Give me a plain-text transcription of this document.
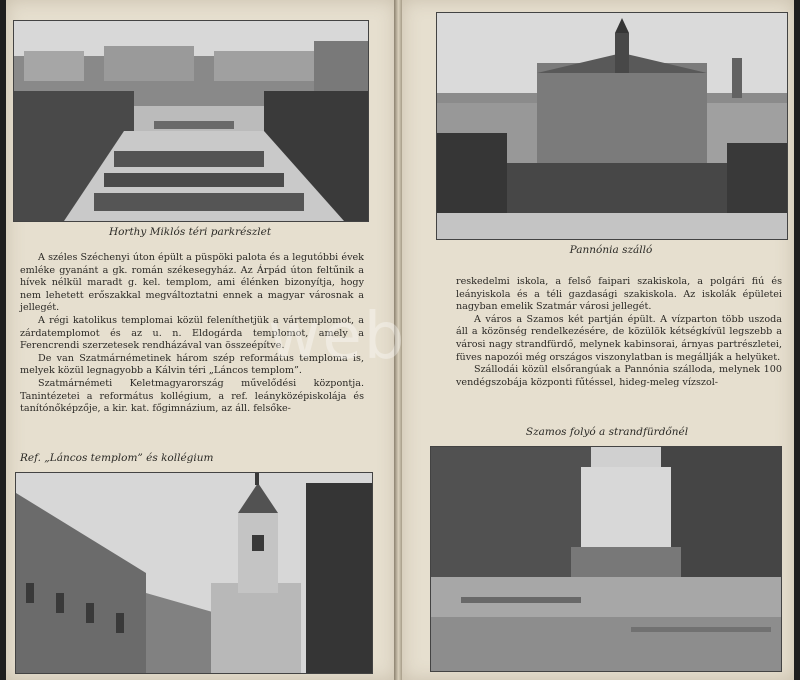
Horthy Miklós téri parkrészlet

A széles Széchenyi úton épült a püspöki palota és a legutóbbi évek emléke gyanánt a gk. román székesegyház. Az Árpád úton feltűnik a hívek nélkül maradt g. kel. templom, ami élénken bizonyítja, hogy nem lehetett erőszakkal megváltoztatni ennek a magyar városnak a jellegét.

A régi katolikus templomai közül feleníthetjük a vártemplomot, a zárdatemplomot és az u. n. Eldogárda templomot, amely a Ferencrendi szerzetesek rendházával van összeépítve.

De van Szatmárnémetinek három szép református temploma is, melyek közül legnagyobb a Kálvin téri „Láncos templom”.

Szatmárnémeti Keletmagyarország művelődési központja. Tanintézetei a református kollégium, a ref. leányközépiskolája és tanítónőképzője, a kir. kat. főgimnázium, az áll. felsőke-

Ref. „Láncos templom” és kollégium
Pannónia szálló

reskedelmi iskola, a felső faipari szakiskola, a polgári fiú és leányiskola és a téli gazdasági szakiskola. Az iskolák épületei nagyban emelik Szatmár városi jellegét.

A város a Szamos két partján épült. A vízparton több uszoda áll a közönség rendelkezésére, de közülök kétségkívül legszebb a városi nagy strandfürdő, melynek kabinsorai, árnyas partrészletei, füves napozói még országos viszonylatban is megállják a helyüket.

Szállodái közül elsőrangúak a Pannónia szálloda, melynek 100 vendégszobája központi fűtéssel, hideg-meleg vízszol-

Szamos folyó a strandfürdőnél
web
